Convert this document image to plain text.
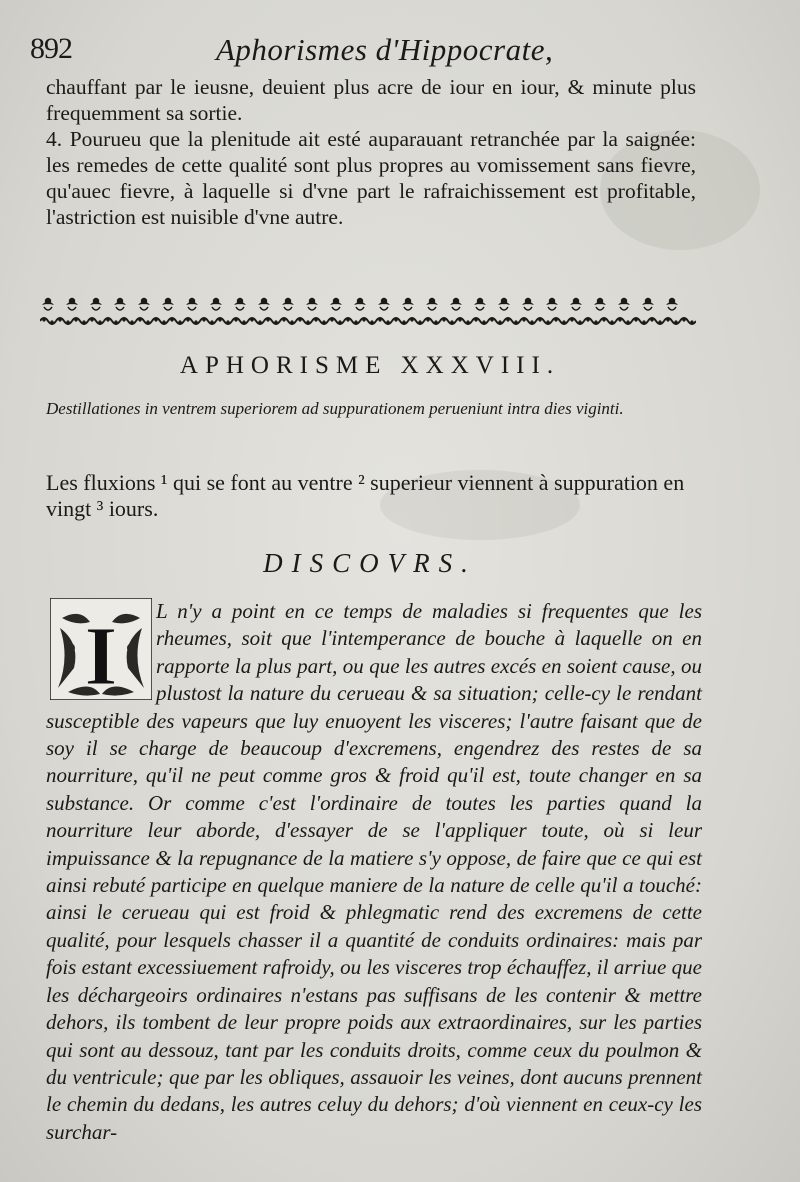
892	Aphorismes d'Hippocrate,
chauffant par le ieusne, deuient plus acre de iour en iour, & minute plus frequemment sa sortie.
4. Pourueu que la plenitude ait esté auparauant retranchée par la saignée: les remedes de cette qualité sont plus propres au vomissement sans fievre, qu'auec fievre, à laquelle si d'vne part le rafraichissement est profitable, l'astriction est nuisible d'vne autre.
APHORISME XXXVIII.
Destillationes in ventrem superiorem ad suppurationem perueniunt intra dies viginti.
Les fluxions ¹ qui se font au ventre ² superieur viennent à suppuration en vingt ³ iours.
DISCOVRS.
L n'y a point en ce temps de maladies si frequentes que les rheumes, soit que l'intemperance de bouche à laquelle on en rapporte la plus part, ou que les autres excés en soient cause, ou plustost la nature du cerueau & sa situation; celle-cy le rendant susceptible des vapeurs que luy enuoyent les visceres; l'autre faisant que de soy il se charge de beaucoup d'excremens, engendrez des restes de sa nourriture, qu'il ne peut comme gros & froid qu'il est, toute changer en sa substance. Or comme c'est l'ordinaire de toutes les parties quand la nourriture leur aborde, d'essayer de se l'appliquer toute, où si leur impuissance & la repugnance de la matiere s'y oppose, de faire que ce qui est ainsi rebuté participe en quelque maniere de la nature de celle qu'il a touché: ainsi le cerueau qui est froid & phlegmatic rend des excremens de cette qualité, pour lesquels chasser il a quantité de conduits ordinaires: mais par fois estant excessiuement rafroidy, ou les visceres trop échauffez, il arriue que les déchargeoirs ordinaires n'estans pas suffisans de les contenir & mettre dehors, ils tombent de leur propre poids aux extraordinaires, sur les parties qui sont au dessouz, tant par les conduits droits, comme ceux du poulmon & du ventricule; que par les obliques, assauoir les veines, dont aucuns prennent le chemin du dedans, les autres celuy du dehors; d'où viennent en ceux-cy les surchar-
I
